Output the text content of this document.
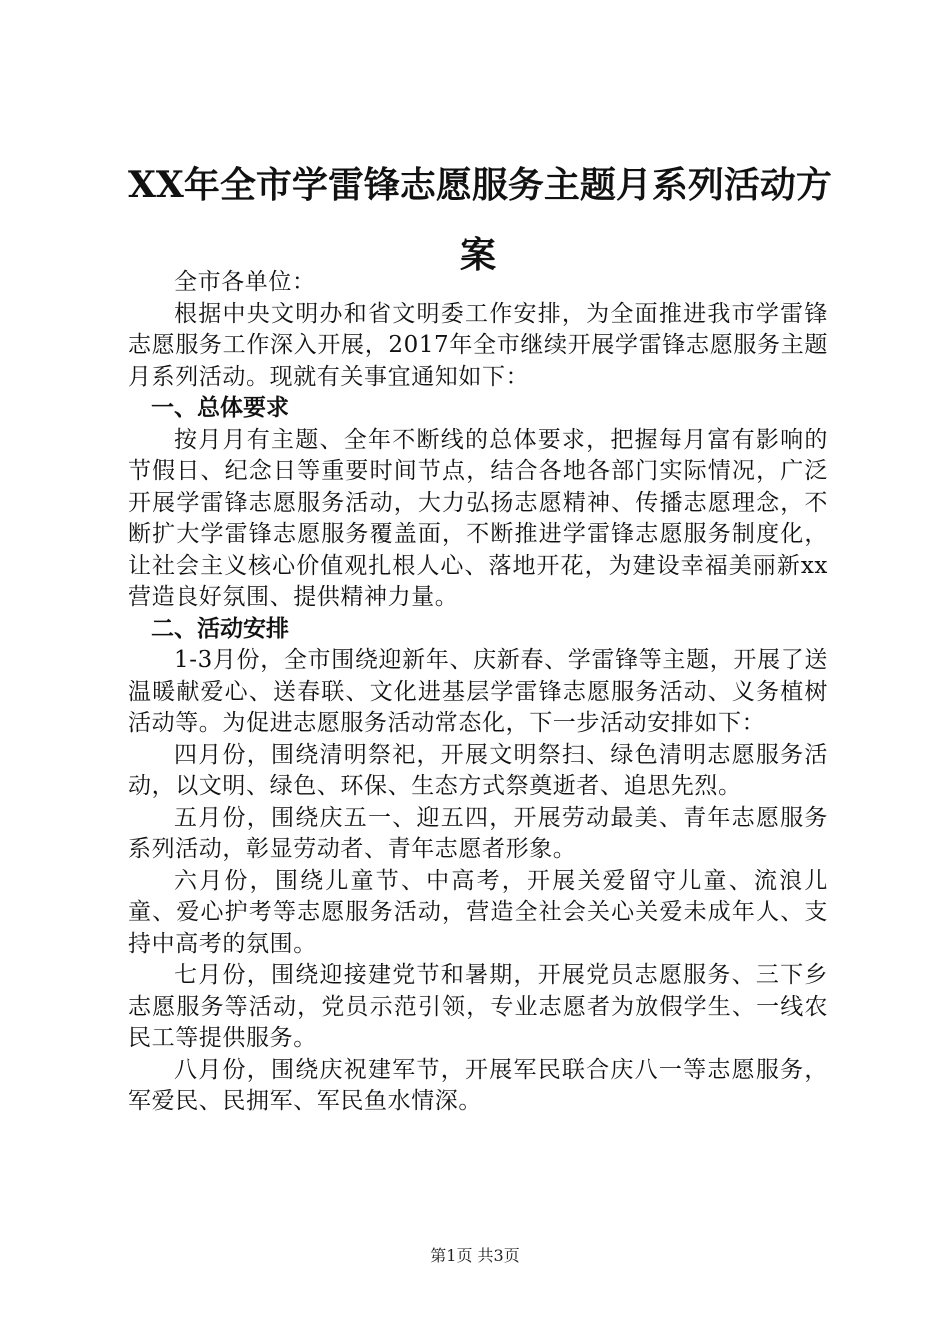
XX年全市学雷锋志愿服务主题月系列活动方
案

全市各单位：

根据中央文明办和省文明委工作安排，为全面推进我市学雷锋志愿服务工作深入开展，2017年全市继续开展学雷锋志愿服务主题月系列活动。现就有关事宜通知如下：

一、总体要求

按月月有主题、全年不断线的总体要求，把握每月富有影响的节假日、纪念日等重要时间节点，结合各地各部门实际情况，广泛开展学雷锋志愿服务活动，大力弘扬志愿精神、传播志愿理念，不断扩大学雷锋志愿服务覆盖面，不断推进学雷锋志愿服务制度化，让社会主义核心价值观扎根人心、落地开花，为建设幸福美丽新xx营造良好氛围、提供精神力量。

二、活动安排

1-3月份，全市围绕迎新年、庆新春、学雷锋等主题，开展了送温暖献爱心、送春联、文化进基层学雷锋志愿服务活动、义务植树活动等。为促进志愿服务活动常态化，下一步活动安排如下：

四月份，围绕清明祭祀，开展文明祭扫、绿色清明志愿服务活动，以文明、绿色、环保、生态方式祭奠逝者、追思先烈。

五月份，围绕庆五一、迎五四，开展劳动最美、青年志愿服务系列活动，彰显劳动者、青年志愿者形象。

六月份，围绕儿童节、中高考，开展关爱留守儿童、流浪儿童、爱心护考等志愿服务活动，营造全社会关心关爱未成年人、支持中高考的氛围。

七月份，围绕迎接建党节和暑期，开展党员志愿服务、三下乡志愿服务等活动，党员示范引领，专业志愿者为放假学生、一线农民工等提供服务。

八月份，围绕庆祝建军节，开展军民联合庆八一等志愿服务，军爱民、民拥军、军民鱼水情深。

第1页 共3页
